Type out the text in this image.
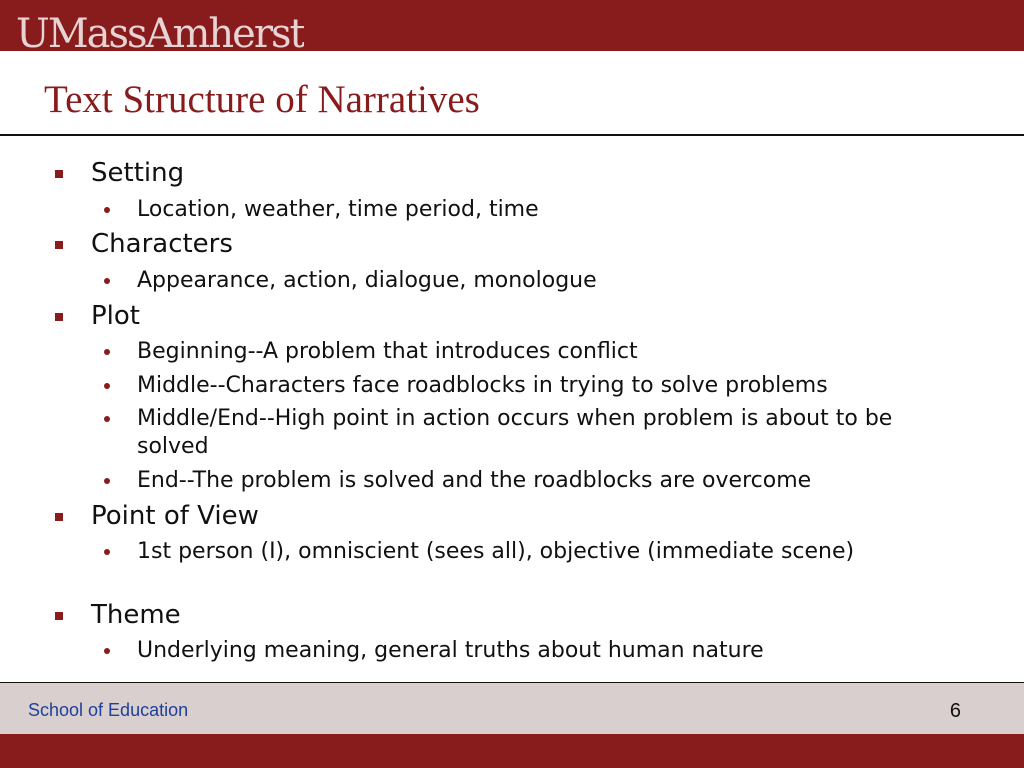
UMassAmherst
Text Structure of Narratives
Setting
Location, weather, time period, time
Characters
Appearance, action, dialogue, monologue
Plot
Beginning--A problem that introduces conflict
Middle--Characters face roadblocks in trying to solve problems
Middle/End--High point in action occurs when problem is about to be solved
End--The problem is solved and the roadblocks are overcome
Point of View
1st person (I), omniscient (sees all), objective (immediate scene)
Theme
Underlying meaning, general truths about human nature
School of Education	6
